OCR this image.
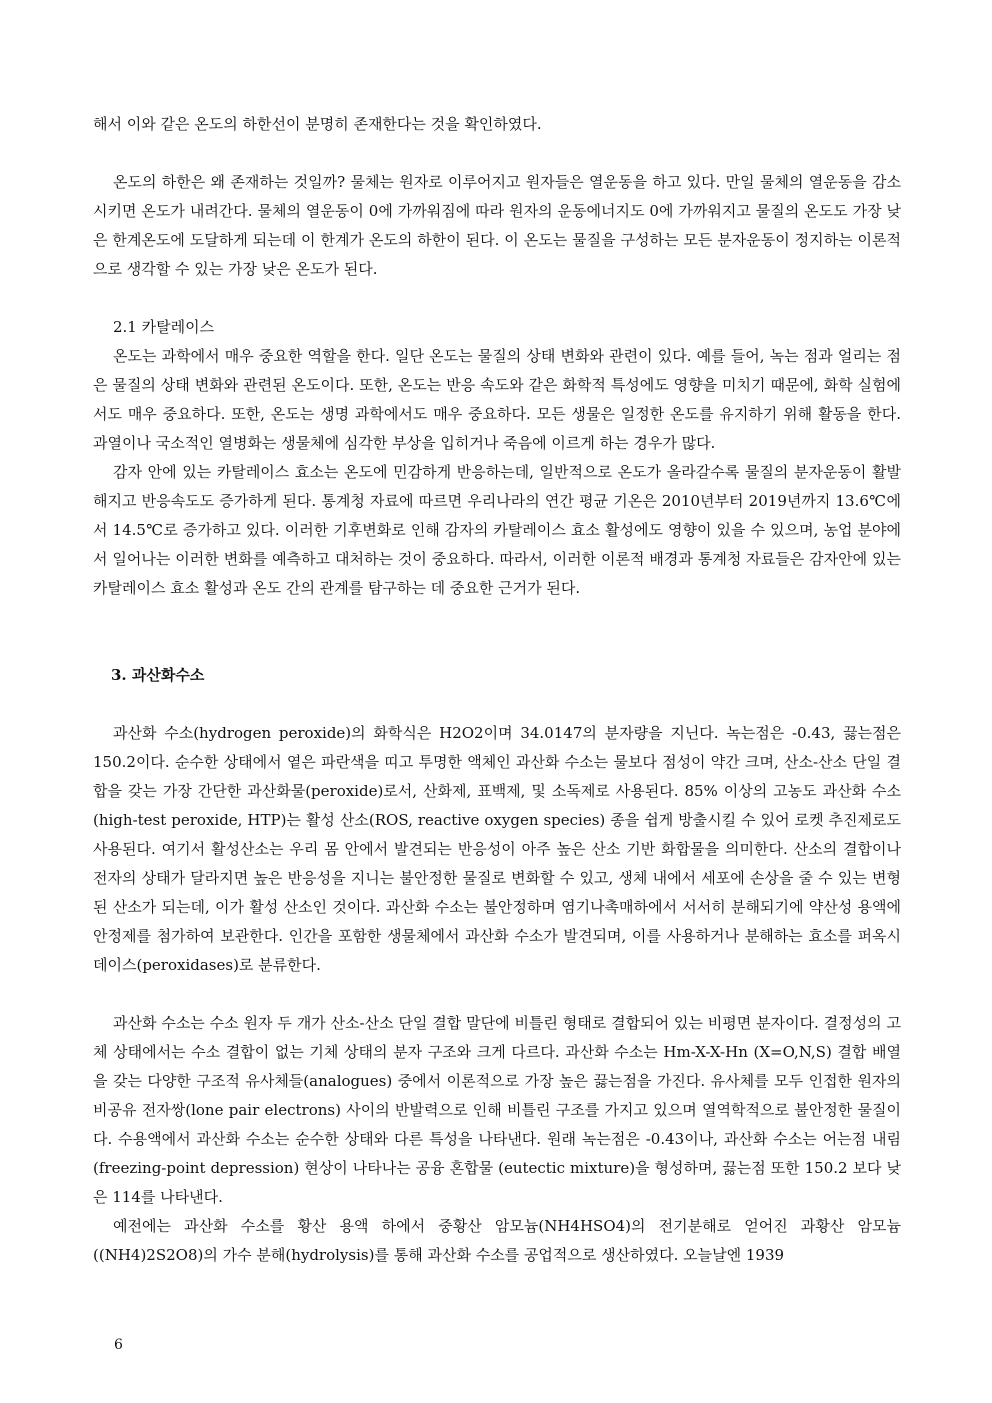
해서 이와 같은 온도의 하한선이 분명히 존재한다는 것을 확인하였다.

온도의 하한은 왜 존재하는 것일까? 물체는 원자로 이루어지고 원자들은 열운동을 하고 있다. 만일 물체의 열운동을 감소시키면 온도가 내려간다. 물체의 열운동이 0에 가까워짐에 따라 원자의 운동에너지도 0에 가까워지고 물질의 온도도 가장 낮은 한계온도에 도달하게 되는데 이 한계가 온도의 하한이 된다. 이 온도는 물질을 구성하는 모든 분자운동이 정지하는 이론적으로 생각할 수 있는 가장 낮은 온도가 된다.

2.1 카탈레이스

온도는 과학에서 매우 중요한 역할을 한다. 일단 온도는 물질의 상태 변화와 관련이 있다. 예를 들어, 녹는 점과 얼리는 점은 물질의 상태 변화와 관련된 온도이다. 또한, 온도는 반응 속도와 같은 화학적 특성에도 영향을 미치기 때문에, 화학 실험에서도 매우 중요하다. 또한, 온도는 생명 과학에서도 매우 중요하다. 모든 생물은 일정한 온도를 유지하기 위해 활동을 한다. 과열이나 국소적인 열병화는 생물체에 심각한 부상을 입히거나 죽음에 이르게 하는 경우가 많다.

감자 안에 있는 카탈레이스 효소는 온도에 민감하게 반응하는데, 일반적으로 온도가 올라갈수록 물질의 분자운동이 활발해지고 반응속도도 증가하게 된다. 통계청 자료에 따르면 우리나라의 연간 평균 기온은 2010년부터 2019년까지 13.6℃에서 14.5℃로 증가하고 있다. 이러한 기후변화로 인해 감자의 카탈레이스 효소 활성에도 영향이 있을 수 있으며, 농업 분야에서 일어나는 이러한 변화를 예측하고 대처하는 것이 중요하다. 따라서, 이러한 이론적 배경과 통계청 자료들은 감자안에 있는 카탈레이스 효소 활성과 온도 간의 관계를 탐구하는 데 중요한 근거가 된다.

3. 과산화수소

과산화 수소(hydrogen peroxide)의 화학식은 H2O2이며 34.0147의 분자량을 지닌다. 녹는점은 -0.43, 끓는점은 150.2이다. 순수한 상태에서 옅은 파란색을 띠고 투명한 액체인 과산화 수소는 물보다 점성이 약간 크며, 산소-산소 단일 결합을 갖는 가장 간단한 과산화물(peroxide)로서, 산화제, 표백제, 및 소독제로 사용된다. 85% 이상의 고농도 과산화 수소(high-test peroxide, HTP)는 활성 산소(ROS, reactive oxygen species) 종을 쉽게 방출시킬 수 있어 로켓 추진제로도 사용된다. 여기서 활성산소는 우리 몸 안에서 발견되는 반응성이 아주 높은 산소 기반 화합물을 의미한다. 산소의 결합이나 전자의 상태가 달라지면 높은 반응성을 지니는 불안정한 물질로 변화할 수 있고, 생체 내에서 세포에 손상을 줄 수 있는 변형된 산소가 되는데, 이가 활성 산소인 것이다. 과산화 수소는 불안정하며 염기나촉매하에서 서서히 분해되기에 약산성 용액에 안정제를 첨가하여 보관한다. 인간을 포함한 생물체에서 과산화 수소가 발견되며, 이를 사용하거나 분해하는 효소를 퍼옥시데이스(peroxidases)로 분류한다.

과산화 수소는 수소 원자 두 개가 산소-산소 단일 결합 말단에 비틀린 형태로 결합되어 있는 비평면 분자이다. 결정성의 고체 상태에서는 수소 결합이 없는 기체 상태의 분자 구조와 크게 다르다. 과산화 수소는 Hm-X-X-Hn (X=O,N,S) 결합 배열을 갖는 다양한 구조적 유사체들(analogues) 중에서 이론적으로 가장 높은 끓는점을 가진다. 유사체를 모두 인접한 원자의 비공유 전자쌍(lone pair electrons) 사이의 반발력으로 인해 비틀린 구조를 가지고 있으며 열역학적으로 불안정한 물질이다. 수용액에서 과산화 수소는 순수한 상태와 다른 특성을 나타낸다. 원래 녹는점은 -0.43이나, 과산화 수소는 어는점 내림(freezing-point depression) 현상이 나타나는 공융 혼합물 (eutectic mixture)을 형성하며, 끓는점 또한 150.2 보다 낮은 114를 나타낸다.

예전에는 과산화 수소를 황산 용액 하에서 중황산 암모늄(NH4HSO4)의 전기분해로 얻어진 과황산 암모늄((NH4)2S2O8)의 가수 분해(hydrolysis)를 통해 과산화 수소를 공업적으로 생산하였다. 오늘날엔 1939

6
